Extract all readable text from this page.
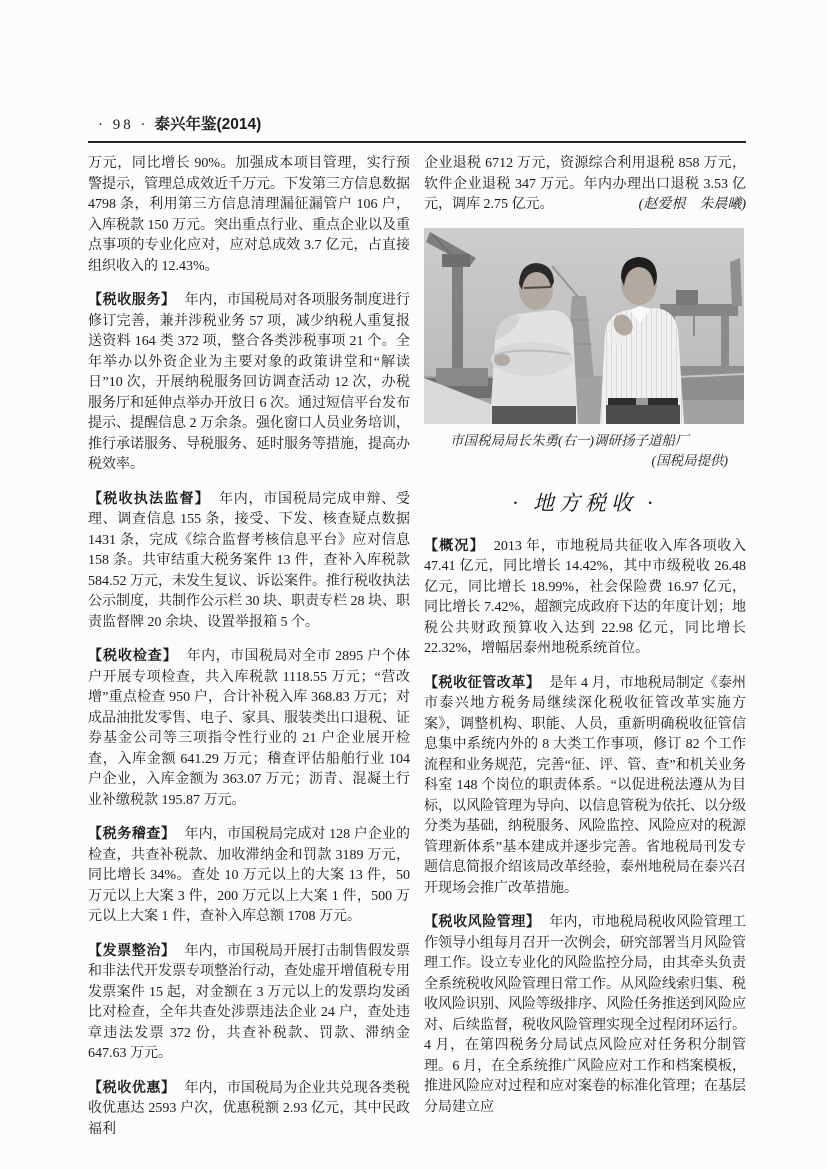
· 98 · 泰兴年鉴(2014)

万元，同比增长 90%。加强成本项目管理，实行预警提示，管理总成效近千万元。下发第三方信息数据 4798 条，利用第三方信息清理漏征漏管户 106 户，入库税款 150 万元。突出重点行业、重点企业以及重点事项的专业化应对，应对总成效 3.7 亿元，占直接组织收入的 12.43%。

【税收服务】 年内，市国税局对各项服务制度进行修订完善，兼并涉税业务 57 项，减少纳税人重复报送资料 164 类 372 项，整合各类涉税事项 21 个。全年举办以外资企业为主要对象的政策讲堂和“解读日”10 次，开展纳税服务回访调查活动 12 次，办税服务厅和延伸点举办开放日 6 次。通过短信平台发布提示、提醒信息 2 万余条。强化窗口人员业务培训，推行承诺服务、导税服务、延时服务等措施，提高办税效率。

【税收执法监督】 年内，市国税局完成申辩、受理、调查信息 155 条，接受、下发、核查疑点数据 1431 条，完成《综合监督考核信息平台》应对信息 158 条。共审结重大税务案件 13 件，查补入库税款 584.52 万元，未发生复议、诉讼案件。推行税收执法公示制度，共制作公示栏 30 块、职责专栏 28 块、职责监督牌 20 余块、设置举报箱 5 个。

【税收检查】 年内，市国税局对全市 2895 户个体户开展专项检查，共入库税款 1118.55 万元；“营改增”重点检查 950 户，合计补税入库 368.83 万元；对成品油批发零售、电子、家具、服装类出口退税、证券基金公司等三项指令性行业的 21 户企业展开检查，入库金额 641.29 万元；稽查评估船舶行业 104 户企业，入库金额为 363.07 万元；沥青、混凝土行业补缴税款 195.87 万元。

【税务稽查】 年内，市国税局完成对 128 户企业的检查，共查补税款、加收滞纳金和罚款 3189 万元，同比增长 34%。查处 10 万元以上的大案 13 件，50 万元以上大案 3 件，200 万元以上大案 1 件，500 万元以上大案 1 件，查补入库总额 1708 万元。

【发票整治】 年内，市国税局开展打击制售假发票和非法代开发票专项整治行动，查处虚开增值税专用发票案件 15 起，对金额在 3 万元以上的发票均发函比对检查，全年共查处涉票违法企业 24 户，查处违章违法发票 372 份，共查补税款、罚款、滞纳金 647.63 万元。

【税收优惠】 年内，市国税局为企业共兑现各类税收优惠达 2593 户次，优惠税额 2.93 亿元，其中民政福利

企业退税 6712 万元，资源综合利用退税 858 万元，软件企业退税 347 万元。年内办理出口退税 3.53 亿元，调库 2.75 亿元。	(赵爱根　朱晨曦)

市国税局局长朱勇(右一)调研扬子道船厂
(国税局提供)
· 地方税收 ·

【概况】 2013 年，市地税局共征收入库各项收入 47.41 亿元，同比增长 14.42%，其中市级税收 26.48 亿元，同比增长 18.99%，社会保险费 16.97 亿元，同比增长 7.42%，超额完成政府下达的年度计划；地税公共财政预算收入达到 22.98 亿元，同比增长 22.32%，增幅居泰州地税系统首位。

【税收征管改革】 是年 4 月，市地税局制定《泰州市泰兴地方税务局继续深化税收征管改革实施方案》，调整机构、职能、人员，重新明确税收征管信息集中系统内外的 8 大类工作事项，修订 82 个工作流程和业务规范，完善“征、评、管、查”和机关业务科室 148 个岗位的职责体系。“以促进税法遵从为目标，以风险管理为导向、以信息管税为依托、以分级分类为基础，纳税服务、风险监控、风险应对的税源管理新体系”基本建成并逐步完善。省地税局刊发专题信息简报介绍该局改革经验，泰州地税局在泰兴召开现场会推广改革措施。

【税收风险管理】 年内，市地税局税收风险管理工作领导小组每月召开一次例会，研究部署当月风险管理工作。设立专业化的风险监控分局，由其牵头负责全系统税收风险管理日常工作。从风险线索归集、税收风险识别、风险等级排序、风险任务推送到风险应对、后续监督，税收风险管理实现全过程闭环运行。4 月，在第四税务分局试点风险应对任务积分制管理。6 月，在全系统推广风险应对工作和档案模板，推进风险应对过程和应对案卷的标准化管理；在基层分局建立应
